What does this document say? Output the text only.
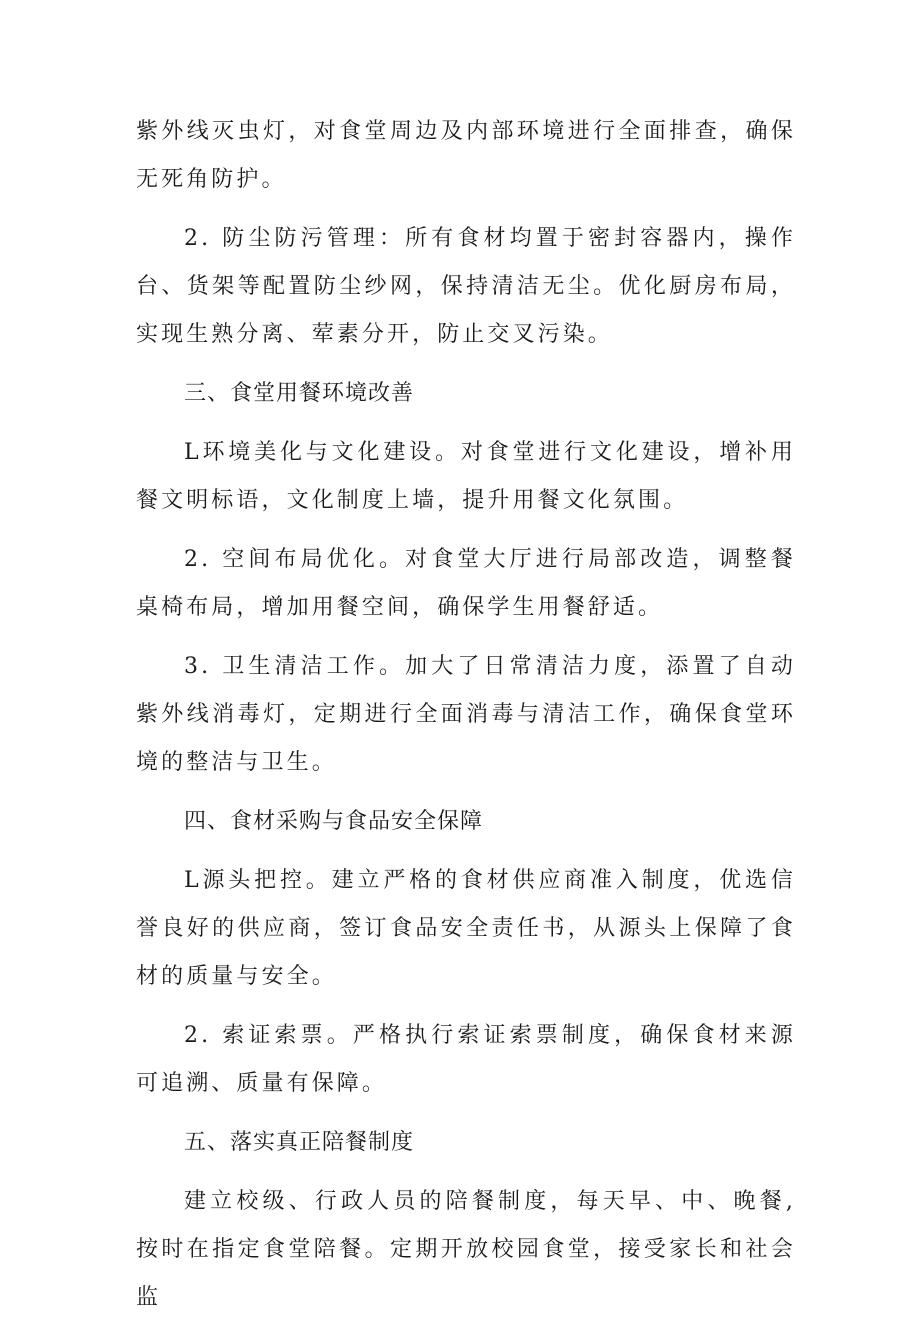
紫外线灭虫灯，对食堂周边及内部环境进行全面排查，确保无死角防护。

2. 防尘防污管理：所有食材均置于密封容器内，操作台、货架等配置防尘纱网，保持清洁无尘。优化厨房布局，实现生熟分离、荤素分开，防止交叉污染。

三、食堂用餐环境改善

L环境美化与文化建设。对食堂进行文化建设，增补用餐文明标语，文化制度上墙，提升用餐文化氛围。

2. 空间布局优化。对食堂大厅进行局部改造，调整餐桌椅布局，增加用餐空间，确保学生用餐舒适。

3. 卫生清洁工作。加大了日常清洁力度，添置了自动紫外线消毒灯，定期进行全面消毒与清洁工作，确保食堂环境的整洁与卫生。

四、食材采购与食品安全保障

L源头把控。建立严格的食材供应商准入制度，优选信誉良好的供应商，签订食品安全责任书，从源头上保障了食材的质量与安全。

2. 索证索票。严格执行索证索票制度，确保食材来源可追溯、质量有保障。

五、落实真正陪餐制度

建立校级、行政人员的陪餐制度，每天早、中、晚餐,按时在指定食堂陪餐。定期开放校园食堂，接受家长和社会监
